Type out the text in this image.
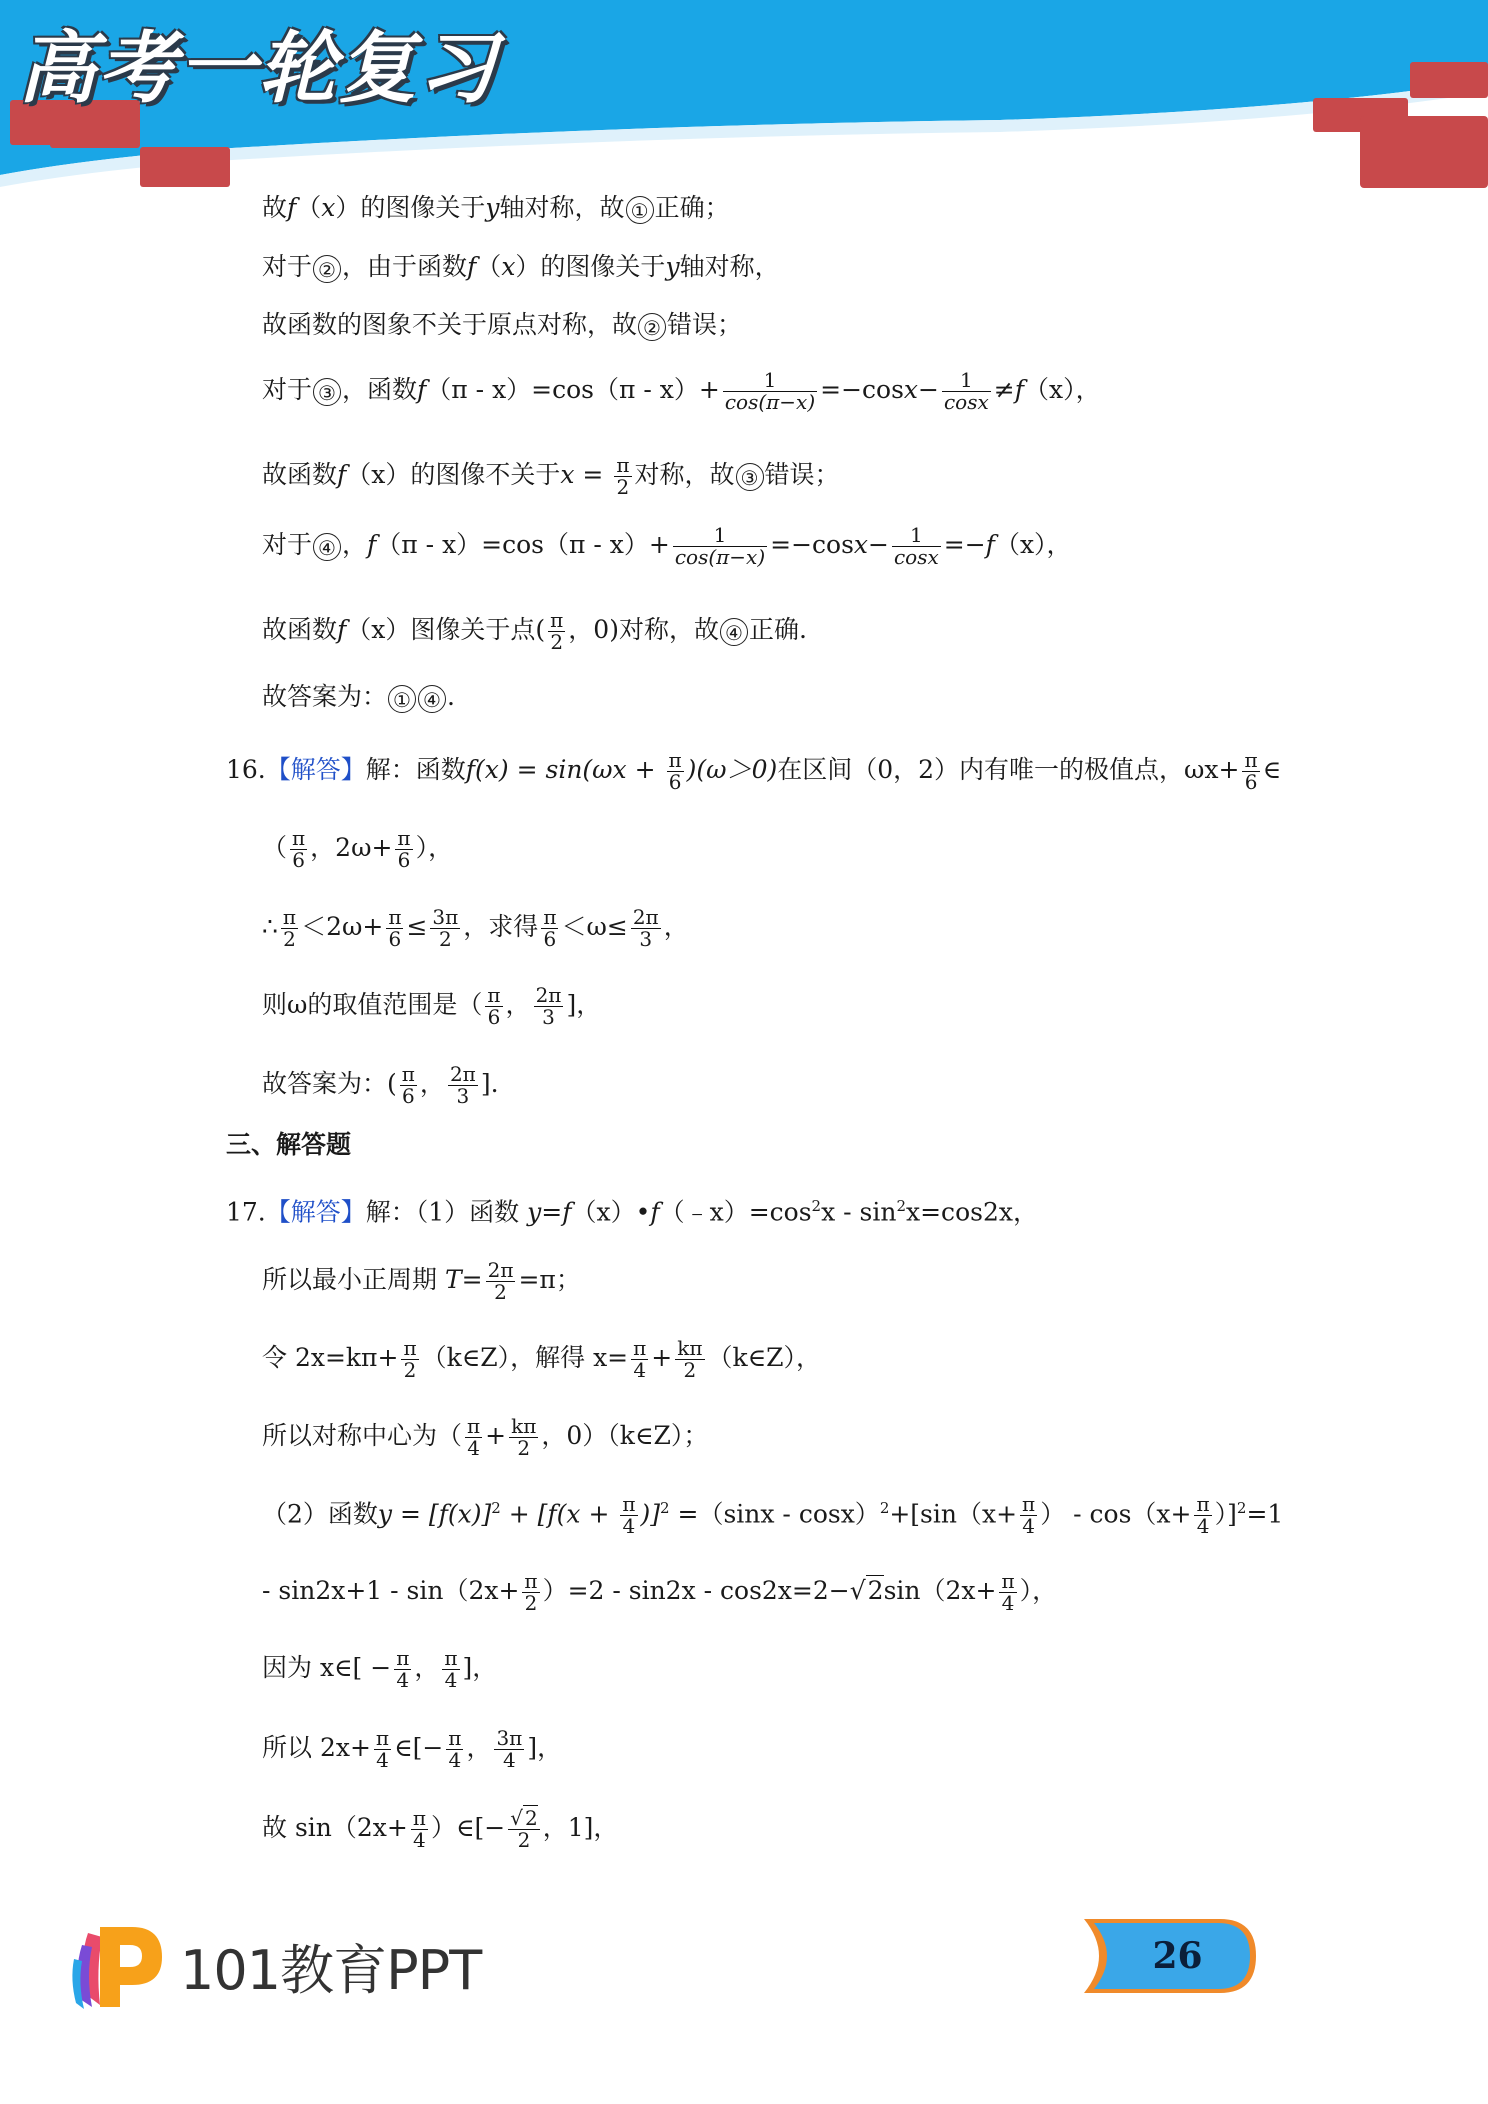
高考一轮复习
故f（x）的图像关于y轴对称，故 ① 正确；
对于 ② ，由于函数f（x）的图像关于y轴对称，
故函数的图象不关于原点对称，故 ② 错误；
对于 ③ ，函数$f(\pi - x)=\cos(\pi - x)+ \frac{1}{\cos(\pi-x)} =-\cos x- \frac{1}{\cos x} \ne f(x)$，
故函数f（x）的图像不关于$x = \frac{\pi}{2}$ 对称，故 ③ 错误；
对于 ④ ，$f(\pi - x)=\cos(\pi - x)+ \frac{1}{\cos(\pi-x)} =-\cos x- \frac{1}{\cos x} =-f(x)$，
故函数f（x）图像关于点( $\frac{\pi}{2}$ ，0)对称，故 ④ 正确.
故答案为： ① ④ .
16.【解答】解：函数$f(x) = \sin(\omega x + \frac{\pi}{6} )(\omega>0)$在区间（0，2）内有唯一的极值点，$\omega x+ \frac{\pi}{6}$ ∈
（ $\frac{\pi}{6}$ ，$2\omega+ \frac{\pi}{6}$ ），
∴ $\frac{\pi}{2} <2\omega+ \frac{\pi}{6} \le \frac{3\pi}{2}$ ，求得 $\frac{\pi}{6} <\omega\le \frac{2\pi}{3}$ ，
则ω的取值范围是（ $\frac{\pi}{6}$ ， $\frac{2\pi}{3}$ ]，
故答案为：( $\frac{\pi}{6}$ ， $\frac{2\pi}{3}$ ].
三、解答题
17.【解答】解：（1）函数 $y=f(x)•f(﹣x)=\cos^2x - \sin^2x=\cos 2x$，
所以最小正周期 $T= \frac{2\pi}{2} =\pi$；
令 $2x=k\pi+ \frac{\pi}{2}$ （k∈Z），解得 $x= \frac{\pi}{4} + \frac{k\pi}{2}$ （k∈Z），
所以对称中心为（ $\frac{\pi}{4} + \frac{k\pi}{2}$ ，0）（k∈Z）；
（2）函数$y = [f(x)]^2 + [f(x + \frac{\pi}{4} )]^2 =(\sin x - \cos x)^2+[\sin(x+ \frac{\pi}{4}$ ） - $\cos(x+ \frac{\pi}{4} )]^2=1$
- $\sin 2x+1 - \sin(2x+ \frac{\pi}{2} )=2 - \sin 2x - \cos 2x=2-√2\sin(2x+ \frac{\pi}{4}$ ），
因为 x∈[ − $\frac{\pi}{4}$ ， $\frac{\pi}{4}$ ]，
所以 $2x+ \frac{\pi}{4}$ ∈[− $\frac{\pi}{4}$ ， $\frac{3\pi}{4}$ ]，
故 $\sin(2x+ \frac{\pi}{4}$ ）∈[− $\frac{√ 2}{2}$ ，1]，
101教育PPT	26
